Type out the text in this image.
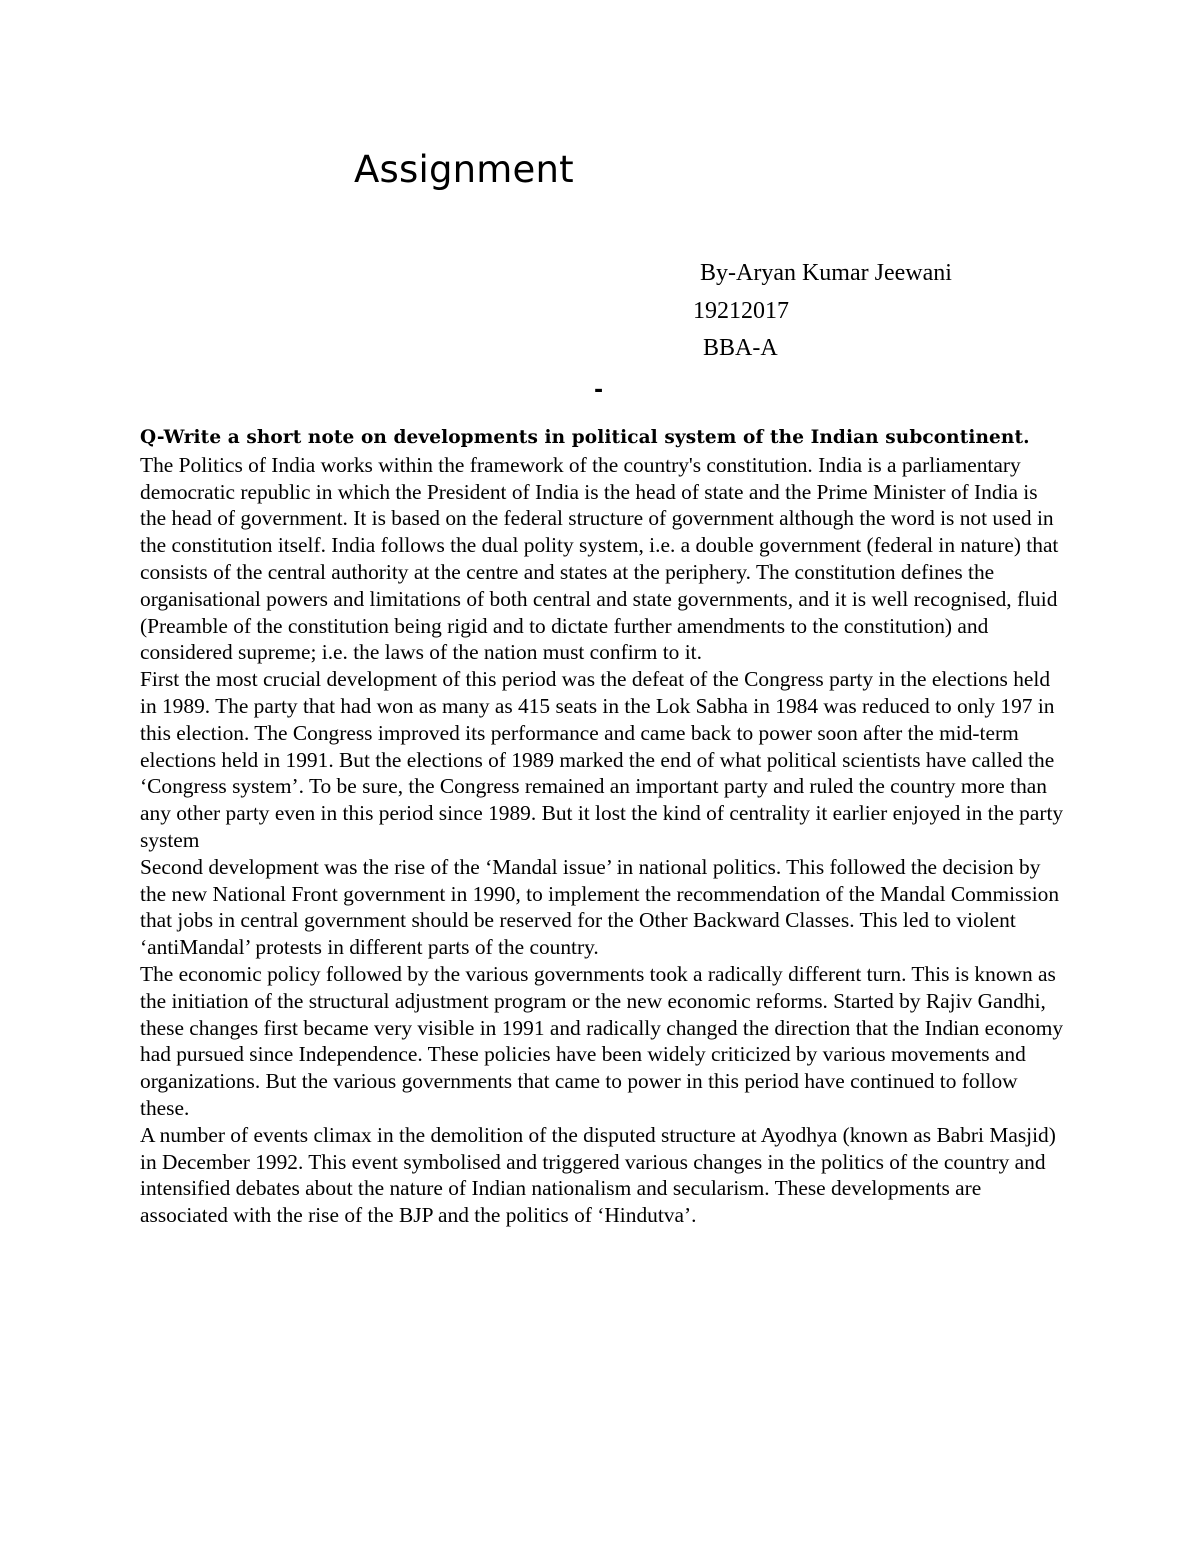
Assignment
By-Aryan Kumar Jeewani
19212017
BBA-A
-

Q-Write a short note on developments in political system of the Indian subcontinent.

The Politics of India works within the framework of the country's constitution. India is a parliamentary democratic republic in which the President of India is the head of state and the Prime Minister of India is the head of government. It is based on the federal structure of government although the word is not used in the constitution itself. India follows the dual polity system, i.e. a double government (federal in nature) that consists of the central authority at the centre and states at the periphery. The constitution defines the organisational powers and limitations of both central and state governments, and it is well recognised, fluid (Preamble of the constitution being rigid and to dictate further amendments to the constitution) and considered supreme; i.e. the laws of the nation must confirm to it.

First the most crucial development of this period was the defeat of the Congress party in the elections held in 1989. The party that had won as many as 415 seats in the Lok Sabha in 1984 was reduced to only 197 in this election. The Congress improved its performance and came back to power soon after the mid-term elections held in 1991. But the elections of 1989 marked the end of what political scientists have called the ‘Congress system’. To be sure, the Congress remained an important party and ruled the country more than any other party even in this period since 1989. But it lost the kind of centrality it earlier enjoyed in the party system

Second development was the rise of the ‘Mandal issue’ in national politics. This followed the decision by the new National Front government in 1990, to implement the recommendation of the Mandal Commission that jobs in central government should be reserved for the Other Backward Classes. This led to violent ‘antiMandal’ protests in different parts of the country.

The economic policy followed by the various governments took a radically different turn. This is known as the initiation of the structural adjustment program or the new economic reforms. Started by Rajiv Gandhi, these changes first became very visible in 1991 and radically changed the direction that the Indian economy had pursued since Independence. These policies have been widely criticized by various movements and organizations. But the various governments that came to power in this period have continued to follow these.

A number of events climax in the demolition of the disputed structure at Ayodhya (known as Babri Masjid) in December 1992. This event symbolised and triggered various changes in the politics of the country and intensified debates about the nature of Indian nationalism and secularism. These developments are associated with the rise of the BJP and the politics of ‘Hindutva’.
